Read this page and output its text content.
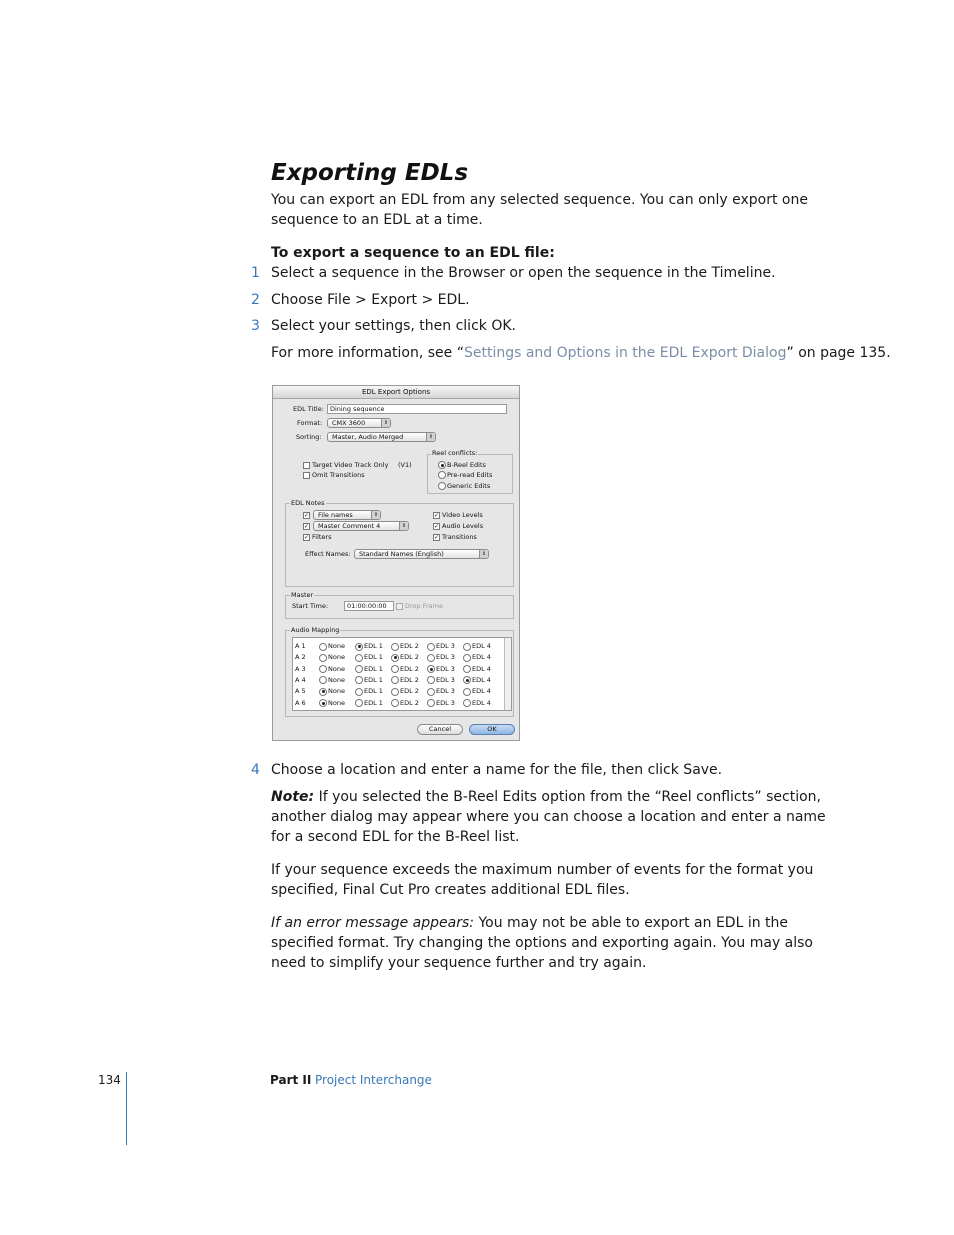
Exporting EDLs
You can export an EDL from any selected sequence. You can only export one sequence to an EDL at a time.
To export a sequence to an EDL file:
1 Select a sequence in the Browser or open the sequence in the Timeline.
2 Choose File > Export > EDL.
3 Select your settings, then click OK.
For more information, see “Settings and Options in the EDL Export Dialog” on page 135.
EDL Export Options
EDL Title: Dining sequence
Format:	CMX 3600	⇕
Sorting:	Master, Audio Merged	⇕
Target Video Track Only (V1)
Omit Transitions
Reel conflicts:
B-Reel Edits
Pre-read Edits
Generic Edits
EDL Notes
✓	File names	⇕
✓	Master Comment 4	⇕
✓ Filters
✓ Video Levels
✓ Audio Levels
✓ Transitions
Effect Names:	Standard Names (English)	⇕
Master
Start Time:	01:00:00:00	Drop Frame
Audio Mapping
A 1	None	EDL 1	EDL 2	EDL 3	EDL 4
A 2	None	EDL 1	EDL 2	EDL 3	EDL 4
A 3	None	EDL 1	EDL 2	EDL 3	EDL 4
A 4	None	EDL 1	EDL 2	EDL 3	EDL 4
A 5	None	EDL 1	EDL 2	EDL 3	EDL 4
A 6	None	EDL 1	EDL 2	EDL 3	EDL 4
Cancel	OK
4 Choose a location and enter a name for the file, then click Save.
Note: If you selected the B-Reel Edits option from the “Reel conflicts” section, another dialog may appear where you can choose a location and enter a name for a second EDL for the B-Reel list.
If your sequence exceeds the maximum number of events for the format you specified, Final Cut Pro creates additional EDL files.
If an error message appears: You may not be able to export an EDL in the specified format. Try changing the options and exporting again. You may also need to simplify your sequence further and try again.
134	Part II Project Interchange
